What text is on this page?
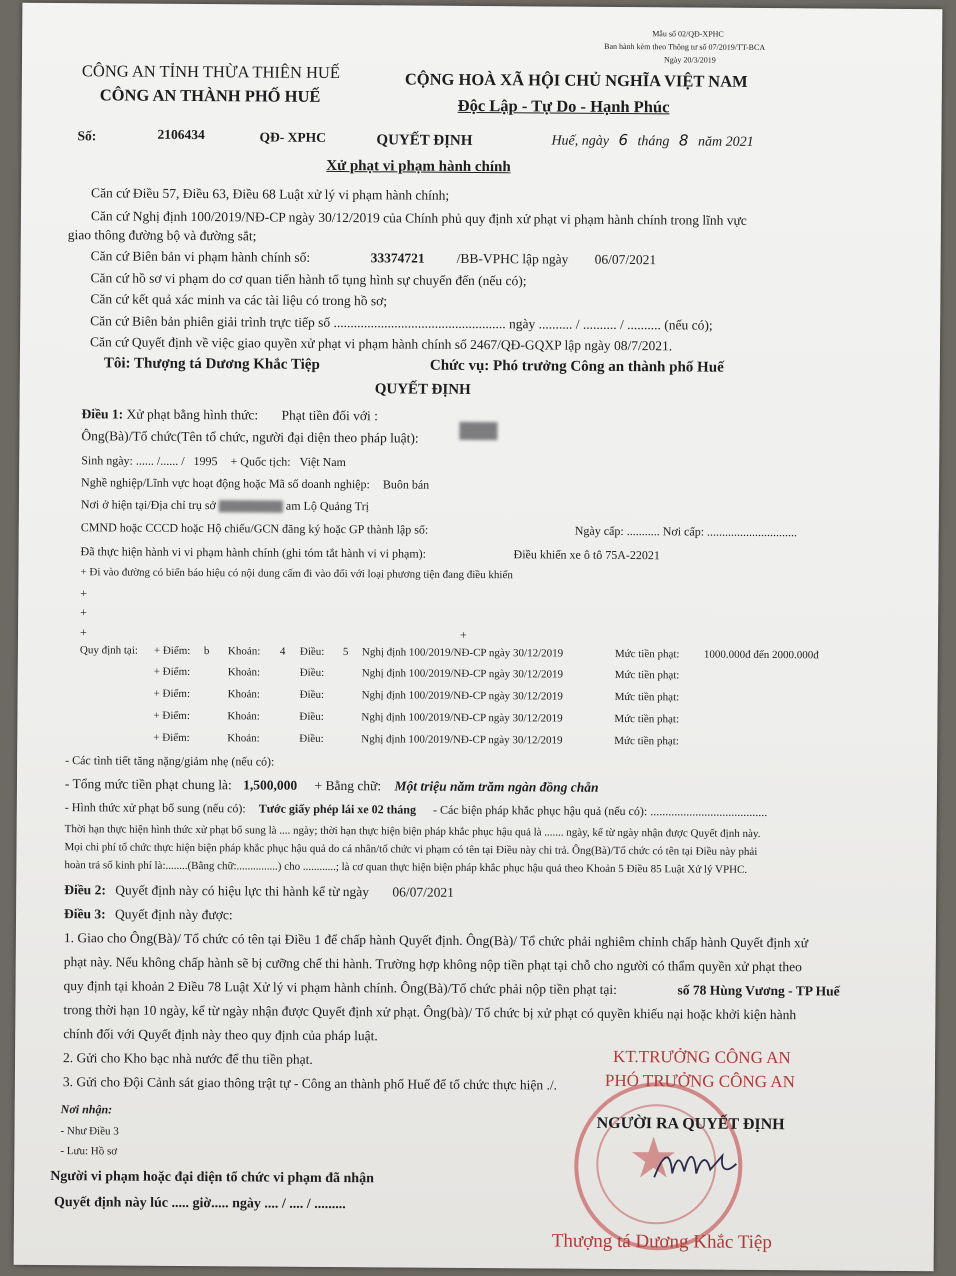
Mẫu số 02/QĐ-XPHC
Ban hành kèm theo Thông tư số 07/2019/TT-BCA
Ngày 20/3/2019
CÔNG AN TỈNH THỪA THIÊN HUẾ
CÔNG AN THÀNH PHỐ HUẾ
CỘNG HOÀ XÃ HỘI CHỦ NGHĨA VIỆT NAM
Độc Lập - Tự Do - Hạnh Phúc
Số:	2106434	QĐ- XPHC	QUYẾT ĐỊNH	Huế, ngày 6 tháng 8 năm 2021
Xử phạt vi phạm hành chính
Căn cứ Điều 57, Điều 63, Điều 68 Luật xử lý vi phạm hành chính;
Căn cứ Nghị định 100/2019/NĐ-CP ngày 30/12/2019 của Chính phủ quy định xử phạt vi phạm hành chính trong lĩnh vực
giao thông đường bộ và đường sắt;
Căn cứ Biên bản vi phạm hành chính số:	33374721 /BB-VPHC lập ngày 06/07/2021
Căn cứ hồ sơ vi phạm do cơ quan tiến hành tố tụng hình sự chuyển đến (nếu có);
Căn cứ kết quả xác minh va các tài liệu có trong hồ sơ;
Căn cứ Biên bản phiên giải trình trực tiếp số ................................................... ngày .......... / .......... / .......... (nếu có);
Căn cứ Quyết định về việc giao quyền xử phạt vi phạm hành chính số 2467/QĐ-GQXP lập ngày 08/7/2021.
Tôi: Thượng tá Dương Khắc Tiệp	Chức vụ: Phó trưởng Công an thành phố Huế
QUYẾT ĐỊNH
Điều 1: Xử phạt bằng hình thức: Phạt tiền đối với :
Ông(Bà)/Tổ chức(Tên tổ chức, người đại diện theo pháp luật):
Sinh ngày: ...... /...... / 1995 + Quốc tịch: Việt Nam
Nghề nghiệp/Lĩnh vực hoạt động hoặc Mã số doanh nghiệp: Buôn bán
Nơi ở hiện tại/Địa chỉ trụ sở	am Lộ Quảng Trị
CMND hoặc CCCD hoặc Hộ chiếu/GCN đăng ký hoặc GP thành lập số:	Ngày cấp: ........... Nơi cấp: ..............................
Đã thực hiện hành vi vi phạm hành chính (ghi tóm tắt hành vi vi phạm):	Điều khiển xe ô tô 75A-22021
+ Đi vào đường có biển báo hiệu có nội dung cấm đi vào đối với loại phương tiện đang điều khiển
+
+
+	+
Quy định tại: + Điểm: b Khoản: 4 Điều: 5 Nghị định 100/2019/NĐ-CP ngày 30/12/2019	Mức tiền phạt: 1000.000đ đến 2000.000đ
+ Điểm:	Khoản:	Điều:	Nghị định 100/2019/NĐ-CP ngày 30/12/2019	Mức tiền phạt:
+ Điểm:	Khoản:	Điều:	Nghị định 100/2019/NĐ-CP ngày 30/12/2019	Mức tiền phạt:
+ Điểm:	Khoản:	Điều:	Nghị định 100/2019/NĐ-CP ngày 30/12/2019	Mức tiền phạt:
+ Điểm:	Khoản:	Điều:	Nghị định 100/2019/NĐ-CP ngày 30/12/2019	Mức tiền phạt:
- Các tình tiết tăng nặng/giảm nhẹ (nếu có):
- Tổng mức tiền phạt chung là: 1,500,000 + Bằng chữ: Một triệu năm trăm ngàn đồng chẵn
- Hình thức xử phạt bổ sung (nếu có): Tước giấy phép lái xe 02 tháng - Các biện pháp khắc phục hậu quả (nếu có): .......................................
Thời hạn thực hiện hình thức xử phạt bổ sung là .... ngày; thời hạn thực hiện biện pháp khắc phục hậu quả là ....... ngày, kể từ ngày nhận được Quyết định này.
Mọi chi phí tổ chức thực hiện biện pháp khắc phục hậu quả do cá nhân/tổ chức vi phạm có tên tại Điều này chi trả. Ông(Bà)/Tổ chức có tên tại Điều này phải
hoàn trả số kinh phí là:........(Bằng chữ:...............) cho ............; là cơ quan thực hiện biện pháp khắc phục hậu quả theo Khoản 5 Điều 85 Luật Xử lý VPHC.
Điều 2: Quyết định này có hiệu lực thi hành kể từ ngày 06/07/2021
Điều 3: Quyết định này được:
1. Giao cho Ông(Bà)/ Tổ chức có tên tại Điều 1 để chấp hành Quyết định. Ông(Bà)/ Tổ chức phải nghiêm chỉnh chấp hành Quyết định xử
phạt này. Nếu không chấp hành sẽ bị cưỡng chế thi hành. Trường hợp không nộp tiền phạt tại chỗ cho người có thẩm quyền xử phạt theo
quy định tại khoản 2 Điều 78 Luật Xử lý vi phạm hành chính. Ông(Bà)/Tổ chức phải nộp tiền phạt tại:	số 78 Hùng Vương - TP Huế
trong thời hạn 10 ngày, kể từ ngày nhận được Quyết định xử phạt. Ông(bà)/ Tổ chức bị xử phạt có quyền khiếu nại hoặc khởi kiện hành
chính đối với Quyết định này theo quy định của pháp luật.
2. Gửi cho Kho bạc nhà nước để thu tiền phạt.
3. Gửi cho Đội Cảnh sát giao thông trật tự - Công an thành phố Huế để tổ chức thực hiện ./.
Nơi nhận:
- Như Điều 3
- Lưu: Hồ sơ
Người vi phạm hoặc đại diện tổ chức vi phạm đã nhận
Quyết định này lúc ..... giờ..... ngày .... / .... / .........
★
KT.TRƯỞNG CÔNG AN
PHÓ TRƯỞNG CÔNG AN
NGƯỜI RA QUYẾT ĐỊNH
Thượng tá Dương Khắc Tiệp
